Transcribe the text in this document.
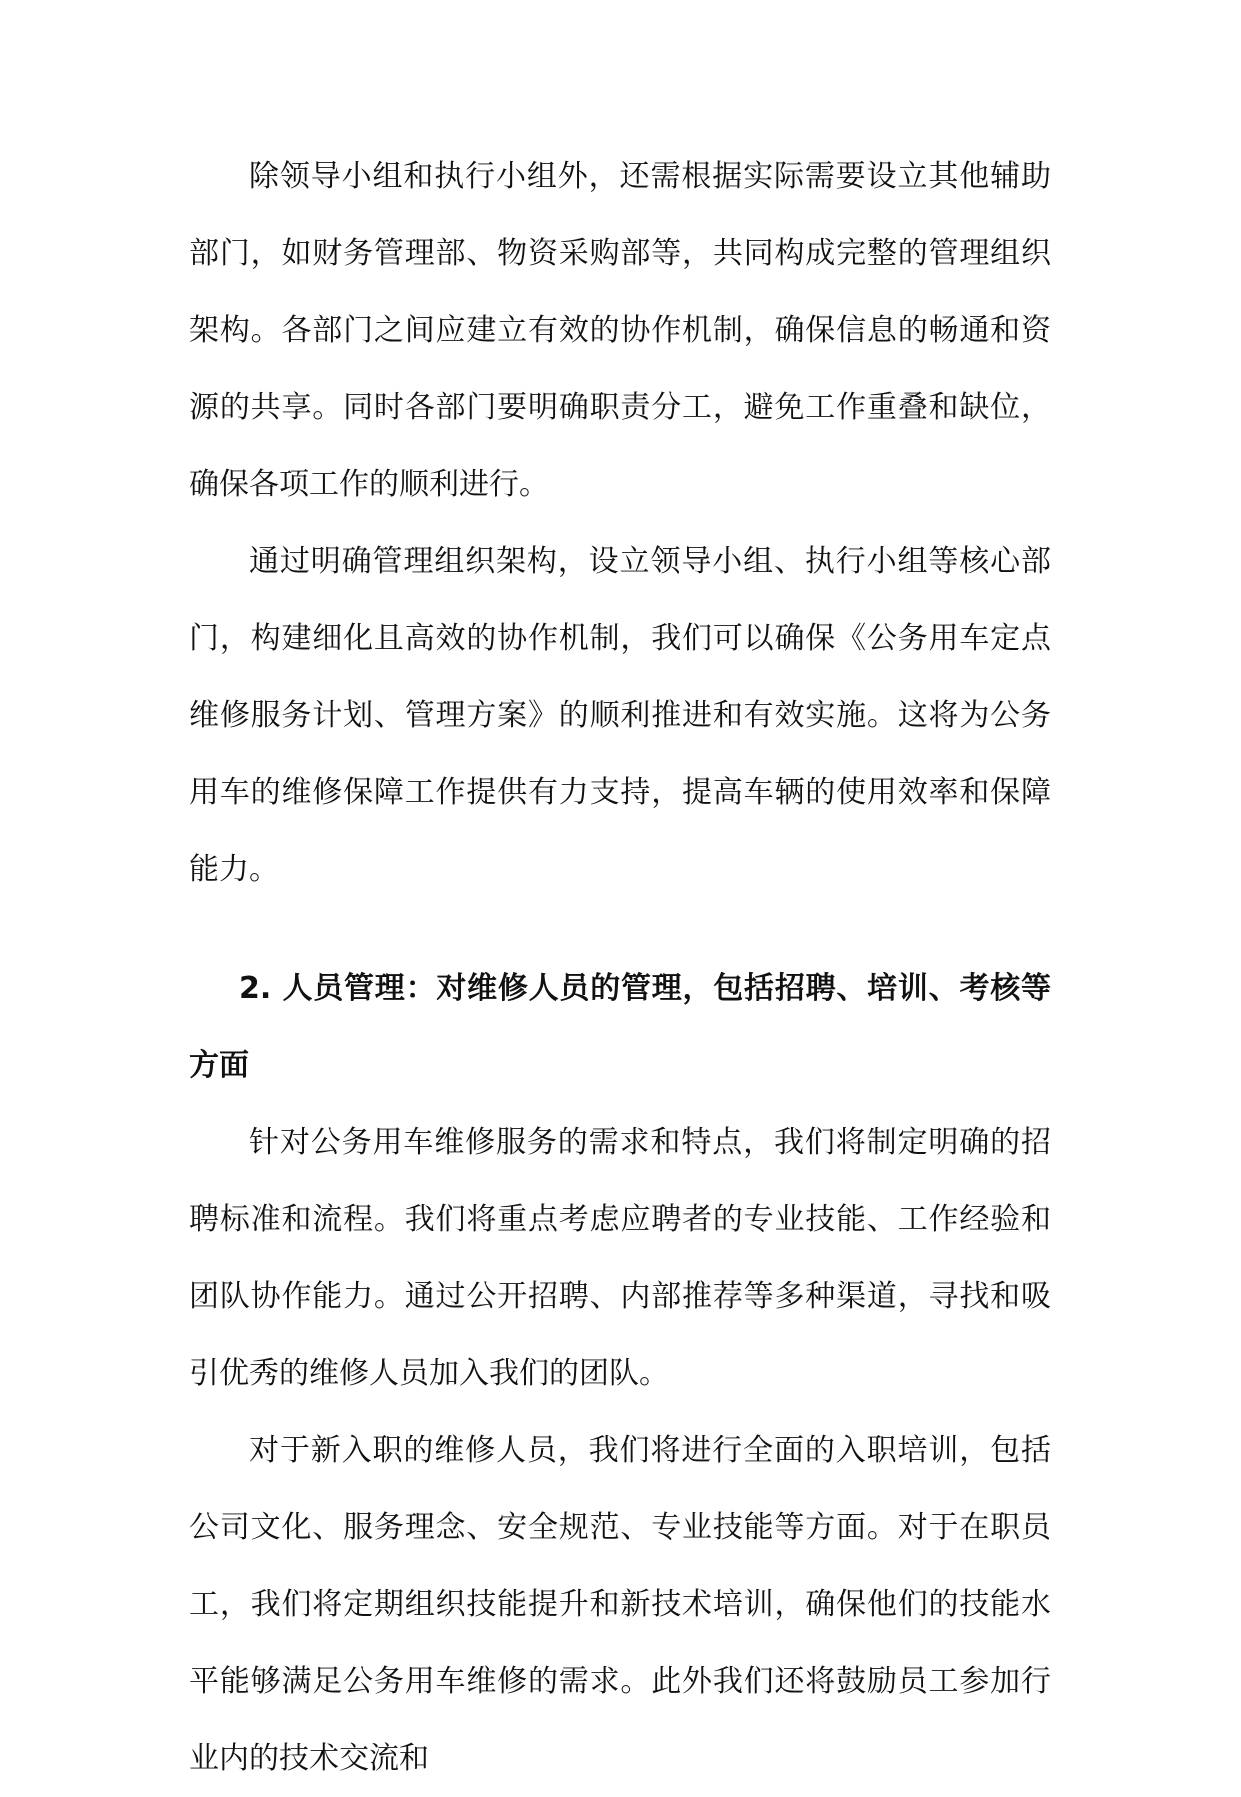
除领导小组和执行小组外，还需根据实际需要设立其他辅助部门，如财务管理部、物资采购部等，共同构成完整的管理组织架构。各部门之间应建立有效的协作机制，确保信息的畅通和资源的共享。同时各部门要明确职责分工，避免工作重叠和缺位，确保各项工作的顺利进行。

通过明确管理组织架构，设立领导小组、执行小组等核心部门，构建细化且高效的协作机制，我们可以确保《公务用车定点维修服务计划、管理方案》的顺利推进和有效实施。这将为公务用车的维修保障工作提供有力支持，提高车辆的使用效率和保障能力。

2. 人员管理：对维修人员的管理，包括招聘、培训、考核等方面

针对公务用车维修服务的需求和特点，我们将制定明确的招聘标准和流程。我们将重点考虑应聘者的专业技能、工作经验和团队协作能力。通过公开招聘、内部推荐等多种渠道，寻找和吸引优秀的维修人员加入我们的团队。

对于新入职的维修人员，我们将进行全面的入职培训，包括公司文化、服务理念、安全规范、专业技能等方面。对于在职员工，我们将定期组织技能提升和新技术培训，确保他们的技能水平能够满足公务用车维修的需求。此外我们还将鼓励员工参加行业内的技术交流和
